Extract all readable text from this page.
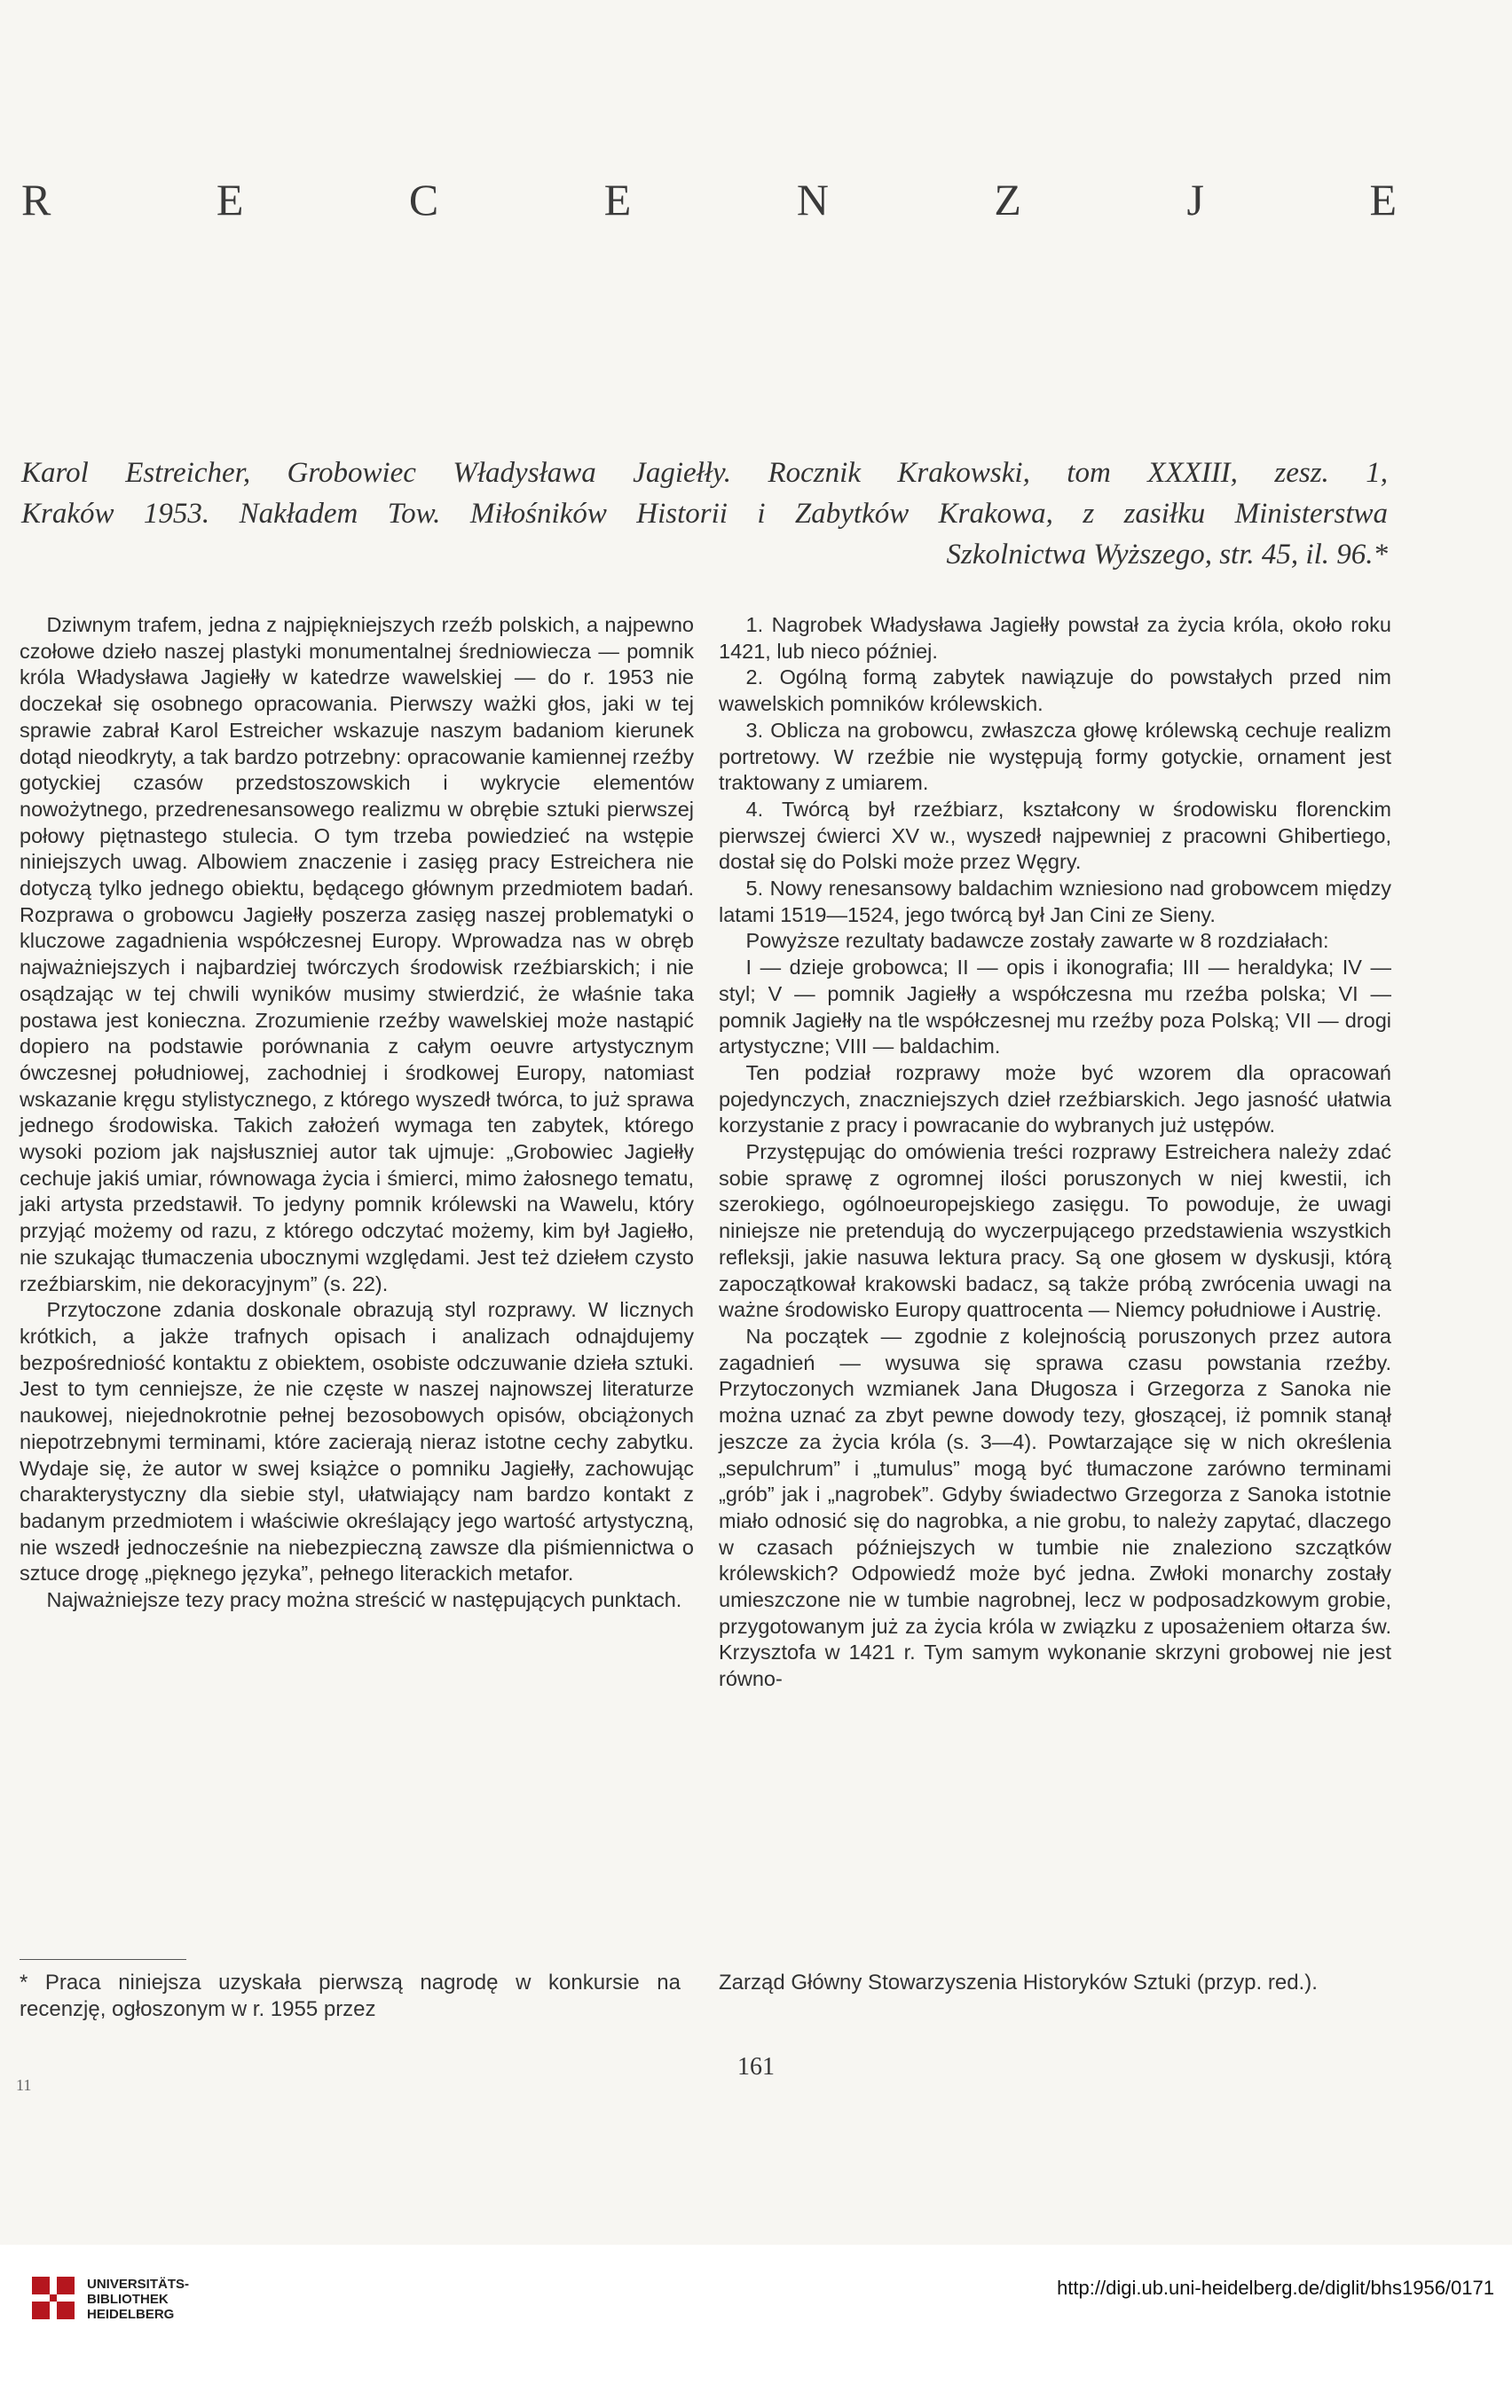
R	E	C	E	N	Z	J	E
Karol Estreicher, Grobowiec Władysława Jagiełły. Rocznik Krakowski, tom XXXIII, zesz. 1,
Kraków 1953. Nakładem Tow. Miłośników Historii i Zabytków Krakowa, z zasiłku Ministerstwa
Szkolnictwa Wyższego, str. 45, il. 96.*

Dziwnym trafem, jedna z najpiękniejszych rzeźb polskich, a najpewno czołowe dzieło naszej plastyki monumentalnej średniowiecza — pomnik króla Władysława Jagiełły w katedrze wawelskiej — do r. 1953 nie doczekał się osobnego opracowania. Pierwszy ważki głos, jaki w tej sprawie zabrał Karol Estreicher wskazuje naszym badaniom kierunek dotąd nieodkryty, a tak bardzo potrzebny: opracowanie kamiennej rzeźby gotyckiej czasów przedstoszowskich i wykrycie elementów nowożytnego, przedrenesansowego realizmu w obrębie sztuki pierwszej połowy piętnastego stulecia. O tym trzeba powiedzieć na wstępie niniejszych uwag. Albowiem znaczenie i zasięg pracy Estreichera nie dotyczą tylko jednego obiektu, będącego głównym przedmiotem badań. Rozprawa o grobowcu Jagiełły poszerza zasięg naszej problematyki o kluczowe zagadnienia współczesnej Europy. Wprowadza nas w obręb najważniejszych i najbardziej twórczych środowisk rzeźbiarskich; i nie osądzając w tej chwili wyników musimy stwierdzić, że właśnie taka postawa jest konieczna. Zrozumienie rzeźby wawelskiej może nastąpić dopiero na podstawie porównania z całym oeuvre artystycznym ówczesnej południowej, zachodniej i środkowej Europy, natomiast wskazanie kręgu stylistycznego, z którego wyszedł twórca, to już sprawa jednego środowiska. Takich założeń wymaga ten zabytek, którego wysoki poziom jak najsłuszniej autor tak ujmuje: „Grobowiec Jagiełły cechuje jakiś umiar, równowaga życia i śmierci, mimo żałosnego tematu, jaki artysta przedstawił. To jedyny pomnik królewski na Wawelu, który przyjąć możemy od razu, z którego odczytać możemy, kim był Jagiełło, nie szukając tłumaczenia ubocznymi względami. Jest też dziełem czysto rzeźbiarskim, nie dekoracyjnym” (s. 22).

Przytoczone zdania doskonale obrazują styl rozprawy. W licznych krótkich, a jakże trafnych opisach i analizach odnajdujemy bezpośredniość kontaktu z obiektem, osobiste odczuwanie dzieła sztuki. Jest to tym cenniejsze, że nie częste w naszej najnowszej literaturze naukowej, niejednokrotnie pełnej bezosobowych opisów, obciążonych niepotrzebnymi terminami, które zacierają nieraz istotne cechy zabytku. Wydaje się, że autor w swej książce o pomniku Jagiełły, zachowując charakterystyczny dla siebie styl, ułatwiający nam bardzo kontakt z badanym przedmiotem i właściwie określający jego wartość artystyczną, nie wszedł jednocześnie na niebezpieczną zawsze dla piśmiennictwa o sztuce drogę „pięknego języka”, pełnego literackich metafor.

Najważniejsze tezy pracy można streścić w następujących punktach.

1. Nagrobek Władysława Jagiełły powstał za życia króla, około roku 1421, lub nieco później.

2. Ogólną formą zabytek nawiązuje do powstałych przed nim wawelskich pomników królewskich.

3. Oblicza na grobowcu, zwłaszcza głowę królewską cechuje realizm portretowy. W rzeźbie nie występują formy gotyckie, ornament jest traktowany z umiarem.

4. Twórcą był rzeźbiarz, kształcony w środowisku florenckim pierwszej ćwierci XV w., wyszedł najpewniej z pracowni Ghibertiego, dostał się do Polski może przez Węgry.

5. Nowy renesansowy baldachim wzniesiono nad grobowcem między latami 1519—1524, jego twórcą był Jan Cini ze Sieny.

Powyższe rezultaty badawcze zostały zawarte w 8 rozdziałach:

I — dzieje grobowca; II — opis i ikonografia; III — heraldyka; IV — styl; V — pomnik Jagiełły a współczesna mu rzeźba polska; VI — pomnik Jagiełły na tle współczesnej mu rzeźby poza Polską; VII — drogi artystyczne; VIII — baldachim.

Ten podział rozprawy może być wzorem dla opracowań pojedynczych, znaczniejszych dzieł rzeźbiarskich. Jego jasność ułatwia korzystanie z pracy i powracanie do wybranych już ustępów.

Przystępując do omówienia treści rozprawy Estreichera należy zdać sobie sprawę z ogromnej ilości poruszonych w niej kwestii, ich szerokiego, ogólnoeuropejskiego zasięgu. To powoduje, że uwagi niniejsze nie pretendują do wyczerpującego przedstawienia wszystkich refleksji, jakie nasuwa lektura pracy. Są one głosem w dyskusji, którą zapoczątkował krakowski badacz, są także próbą zwrócenia uwagi na ważne środowisko Europy quattrocenta — Niemcy południowe i Austrię.

Na początek — zgodnie z kolejnością poruszonych przez autora zagadnień — wysuwa się sprawa czasu powstania rzeźby. Przytoczonych wzmianek Jana Długosza i Grzegorza z Sanoka nie można uznać za zbyt pewne dowody tezy, głoszącej, iż pomnik stanął jeszcze za życia króla (s. 3—4). Powtarzające się w nich określenia „sepulchrum” i „tumulus” mogą być tłumaczone zarówno terminami „grób” jak i „nagrobek”. Gdyby świadectwo Grzegorza z Sanoka istotnie miało odnosić się do nagrobka, a nie grobu, to należy zapytać, dlaczego w czasach późniejszych w tumbie nie znaleziono szczątków królewskich? Odpowiedź może być jedna. Zwłoki monarchy zostały umieszczone nie w tumbie nagrobnej, lecz w podposadzkowym grobie, przygotowanym już za życia króla w związku z uposażeniem ołtarza św. Krzysztofa w 1421 r. Tym samym wykonanie skrzyni grobowej nie jest równo-

* Praca niniejsza uzyskała pierwszą nagrodę w konkursie na recenzję, ogłoszonym w r. 1955 przez
Zarząd Główny Stowarzyszenia Historyków Sztuki (przyp. red.).
161
11
UNIVERSITÄTS-
BIBLIOTHEK
HEIDELBERG
http://digi.ub.uni-heidelberg.de/diglit/bhs1956/0171
